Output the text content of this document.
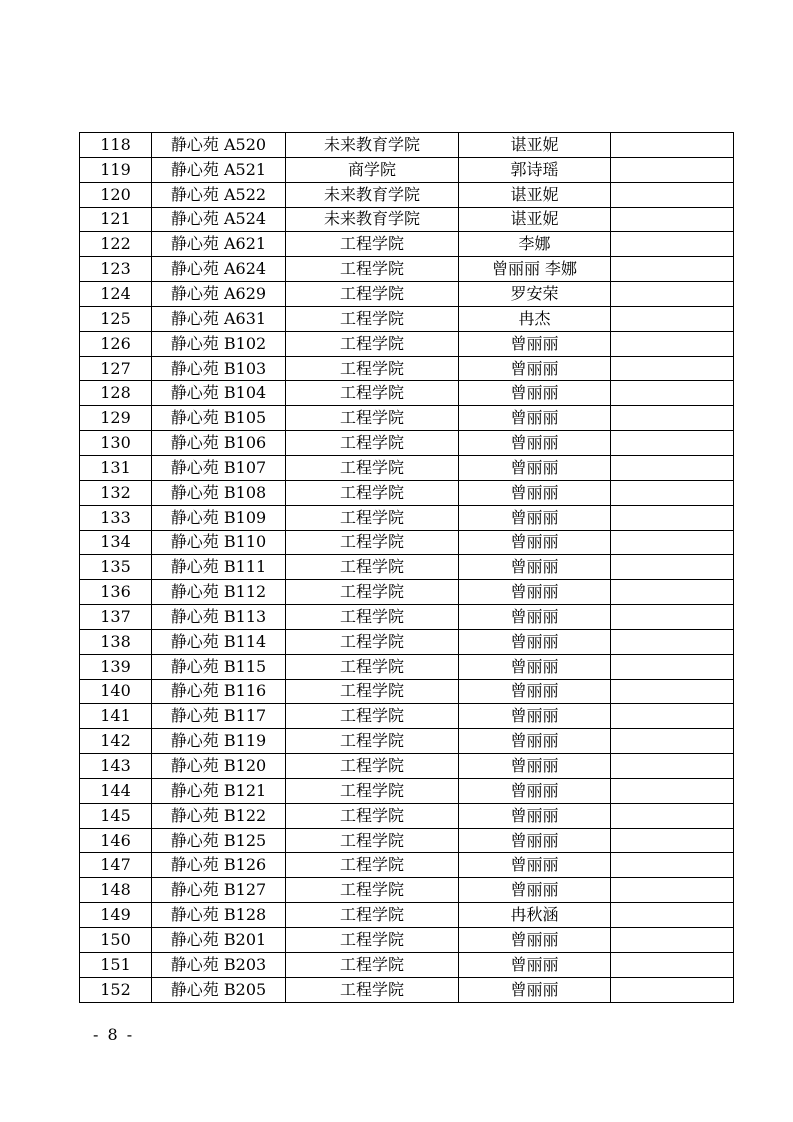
118	静心苑 A520	未来教育学院	谌亚妮	
119	静心苑 A521	商学院	郭诗瑶	
120	静心苑 A522	未来教育学院	谌亚妮	
121	静心苑 A524	未来教育学院	谌亚妮	
122	静心苑 A621	工程学院	李娜	
123	静心苑 A624	工程学院	曾丽丽 李娜	
124	静心苑 A629	工程学院	罗安荣	
125	静心苑 A631	工程学院	冉杰	
126	静心苑 B102	工程学院	曾丽丽	
127	静心苑 B103	工程学院	曾丽丽	
128	静心苑 B104	工程学院	曾丽丽	
129	静心苑 B105	工程学院	曾丽丽	
130	静心苑 B106	工程学院	曾丽丽	
131	静心苑 B107	工程学院	曾丽丽	
132	静心苑 B108	工程学院	曾丽丽	
133	静心苑 B109	工程学院	曾丽丽	
134	静心苑 B110	工程学院	曾丽丽	
135	静心苑 B111	工程学院	曾丽丽	
136	静心苑 B112	工程学院	曾丽丽	
137	静心苑 B113	工程学院	曾丽丽	
138	静心苑 B114	工程学院	曾丽丽	
139	静心苑 B115	工程学院	曾丽丽	
140	静心苑 B116	工程学院	曾丽丽	
141	静心苑 B117	工程学院	曾丽丽	
142	静心苑 B119	工程学院	曾丽丽	
143	静心苑 B120	工程学院	曾丽丽	
144	静心苑 B121	工程学院	曾丽丽	
145	静心苑 B122	工程学院	曾丽丽	
146	静心苑 B125	工程学院	曾丽丽	
147	静心苑 B126	工程学院	曾丽丽	
148	静心苑 B127	工程学院	曾丽丽	
149	静心苑 B128	工程学院	冉秋涵	
150	静心苑 B201	工程学院	曾丽丽	
151	静心苑 B203	工程学院	曾丽丽	
152	静心苑 B205	工程学院	曾丽丽	
- 8 -
